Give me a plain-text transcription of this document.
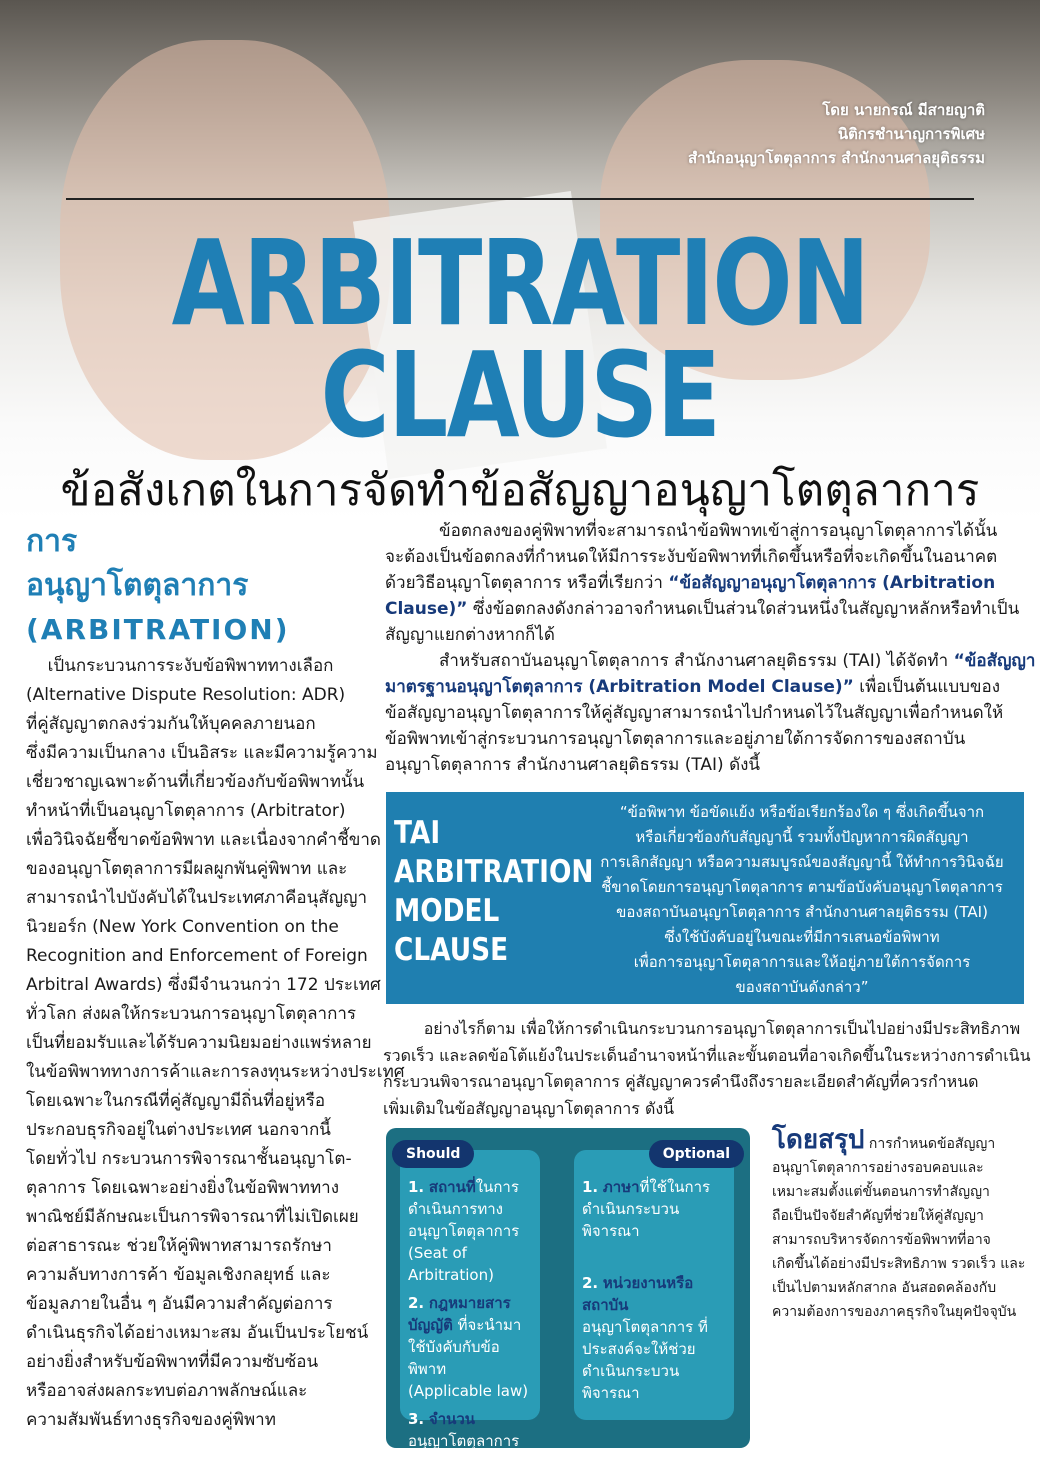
โดย นายกรณ์ มีสายญาติ
นิติกรชำนาญการพิเศษ
สำนักอนุญาโตตุลาการ สำนักงานศาลยุติธรรม
ARBITRATION
CLAUSE
ข้อสังเกตในการจัดทำข้อสัญญาอนุญาโตตุลาการ
การ
อนุญาโตตุลาการ
(ARBITRATION)
เป็นกระบวนการระงับข้อพิพาททางเลือก
(Alternative Dispute Resolution: ADR)
ที่คู่สัญญาตกลงร่วมกันให้บุคคลภายนอก
ซึ่งมีความเป็นกลาง เป็นอิสระ และมีความรู้ความ
เชี่ยวชาญเฉพาะด้านที่เกี่ยวข้องกับข้อพิพาทนั้น
ทำหน้าที่เป็นอนุญาโตตุลาการ (Arbitrator)
เพื่อวินิจฉัยชี้ขาดข้อพิพาท และเนื่องจากคำชี้ขาด
ของอนุญาโตตุลาการมีผลผูกพันคู่พิพาท และ
สามารถนำไปบังคับได้ในประเทศภาคีอนุสัญญา
นิวยอร์ก (New York Convention on the
Recognition and Enforcement of Foreign
Arbitral Awards) ซึ่งมีจำนวนกว่า 172 ประเทศ
ทั่วโลก ส่งผลให้กระบวนการอนุญาโตตุลาการ
เป็นที่ยอมรับและได้รับความนิยมอย่างแพร่หลาย
ในข้อพิพาททางการค้าและการลงทุนระหว่างประเทศ
โดยเฉพาะในกรณีที่คู่สัญญามีถิ่นที่อยู่หรือ
ประกอบธุรกิจอยู่ในต่างประเทศ นอกจากนี้
โดยทั่วไป กระบวนการพิจารณาชั้นอนุญาโต-
ตุลาการ โดยเฉพาะอย่างยิ่งในข้อพิพาททาง
พาณิชย์มีลักษณะเป็นการพิจารณาที่ไม่เปิดเผย
ต่อสาธารณะ ช่วยให้คู่พิพาทสามารถรักษา
ความลับทางการค้า ข้อมูลเชิงกลยุทธ์ และ
ข้อมูลภายในอื่น ๆ อันมีความสำคัญต่อการ
ดำเนินธุรกิจได้อย่างเหมาะสม อันเป็นประโยชน์
อย่างยิ่งสำหรับข้อพิพาทที่มีความซับซ้อน
หรืออาจส่งผลกระทบต่อภาพลักษณ์และ
ความสัมพันธ์ทางธุรกิจของคู่พิพาท
ข้อตกลงของคู่พิพาทที่จะสามารถนำข้อพิพาทเข้าสู่การอนุญาโตตุลาการได้นั้น
จะต้องเป็นข้อตกลงที่กำหนดให้มีการระงับข้อพิพาทที่เกิดขึ้นหรือที่จะเกิดขึ้นในอนาคต
ด้วยวิธีอนุญาโตตุลาการ หรือที่เรียกว่า “ข้อสัญญาอนุญาโตตุลาการ (Arbitration
Clause)” ซึ่งข้อตกลงดังกล่าวอาจกำหนดเป็นส่วนใดส่วนหนึ่งในสัญญาหลักหรือทำเป็น
สัญญาแยกต่างหากก็ได้
สำหรับสถาบันอนุญาโตตุลาการ สำนักงานศาลยุติธรรม (TAI) ได้จัดทำ “ข้อสัญญา
มาตรฐานอนุญาโตตุลาการ (Arbitration Model Clause)” เพื่อเป็นต้นแบบของ
ข้อสัญญาอนุญาโตตุลาการให้คู่สัญญาสามารถนำไปกำหนดไว้ในสัญญาเพื่อกำหนดให้
ข้อพิพาทเข้าสู่กระบวนการอนุญาโตตุลาการและอยู่ภายใต้การจัดการของสถาบัน
อนุญาโตตุลาการ สำนักงานศาลยุติธรรม (TAI) ดังนี้
TAI
ARBITRATION
MODEL
CLAUSE
“ข้อพิพาท ข้อขัดแย้ง หรือข้อเรียกร้องใด ๆ ซึ่งเกิดขึ้นจาก
หรือเกี่ยวข้องกับสัญญานี้ รวมทั้งปัญหาการผิดสัญญา
การเลิกสัญญา หรือความสมบูรณ์ของสัญญานี้ ให้ทำการวินิจฉัย
ชี้ขาดโดยการอนุญาโตตุลาการ ตามข้อบังคับอนุญาโตตุลาการ
ของสถาบันอนุญาโตตุลาการ สำนักงานศาลยุติธรรม (TAI)
ซึ่งใช้บังคับอยู่ในขณะที่มีการเสนอข้อพิพาท
เพื่อการอนุญาโตตุลาการและให้อยู่ภายใต้การจัดการ
ของสถาบันดังกล่าว”
อย่างไรก็ตาม เพื่อให้การดำเนินกระบวนการอนุญาโตตุลาการเป็นไปอย่างมีประสิทธิภาพ
รวดเร็ว และลดข้อโต้แย้งในประเด็นอำนาจหน้าที่และขั้นตอนที่อาจเกิดขึ้นในระหว่างการดำเนิน
กระบวนพิจารณาอนุญาโตตุลาการ คู่สัญญาควรคำนึงถึงรายละเอียดสำคัญที่ควรกำหนด
เพิ่มเติมในข้อสัญญาอนุญาโตตุลาการ ดังนี้
1. สถานที่ในการดำเนินการทางอนุญาโตตุลาการ (Seat of Arbitration)
2. กฎหมายสารบัญญัติ ที่จะนำมาใช้บังคับกับข้อพิพาท (Applicable law)
3. จำนวนอนุญาโตตุลาการ
1. ภาษาที่ใช้ในการดำเนินกระบวนพิจารณา
2. หน่วยงานหรือสถาบันอนุญาโตตุลาการ ที่ประสงค์จะให้ช่วยดำเนินกระบวนพิจารณา
Should	Optional	โดยสรุป การกำหนดข้อสัญญา
อนุญาโตตุลาการอย่างรอบคอบและ
เหมาะสมตั้งแต่ขั้นตอนการทำสัญญา
ถือเป็นปัจจัยสำคัญที่ช่วยให้คู่สัญญา
สามารถบริหารจัดการข้อพิพาทที่อาจ
เกิดขึ้นได้อย่างมีประสิทธิภาพ รวดเร็ว และ
เป็นไปตามหลักสากล อันสอดคล้องกับ
ความต้องการของภาคธุรกิจในยุคปัจจุบัน
